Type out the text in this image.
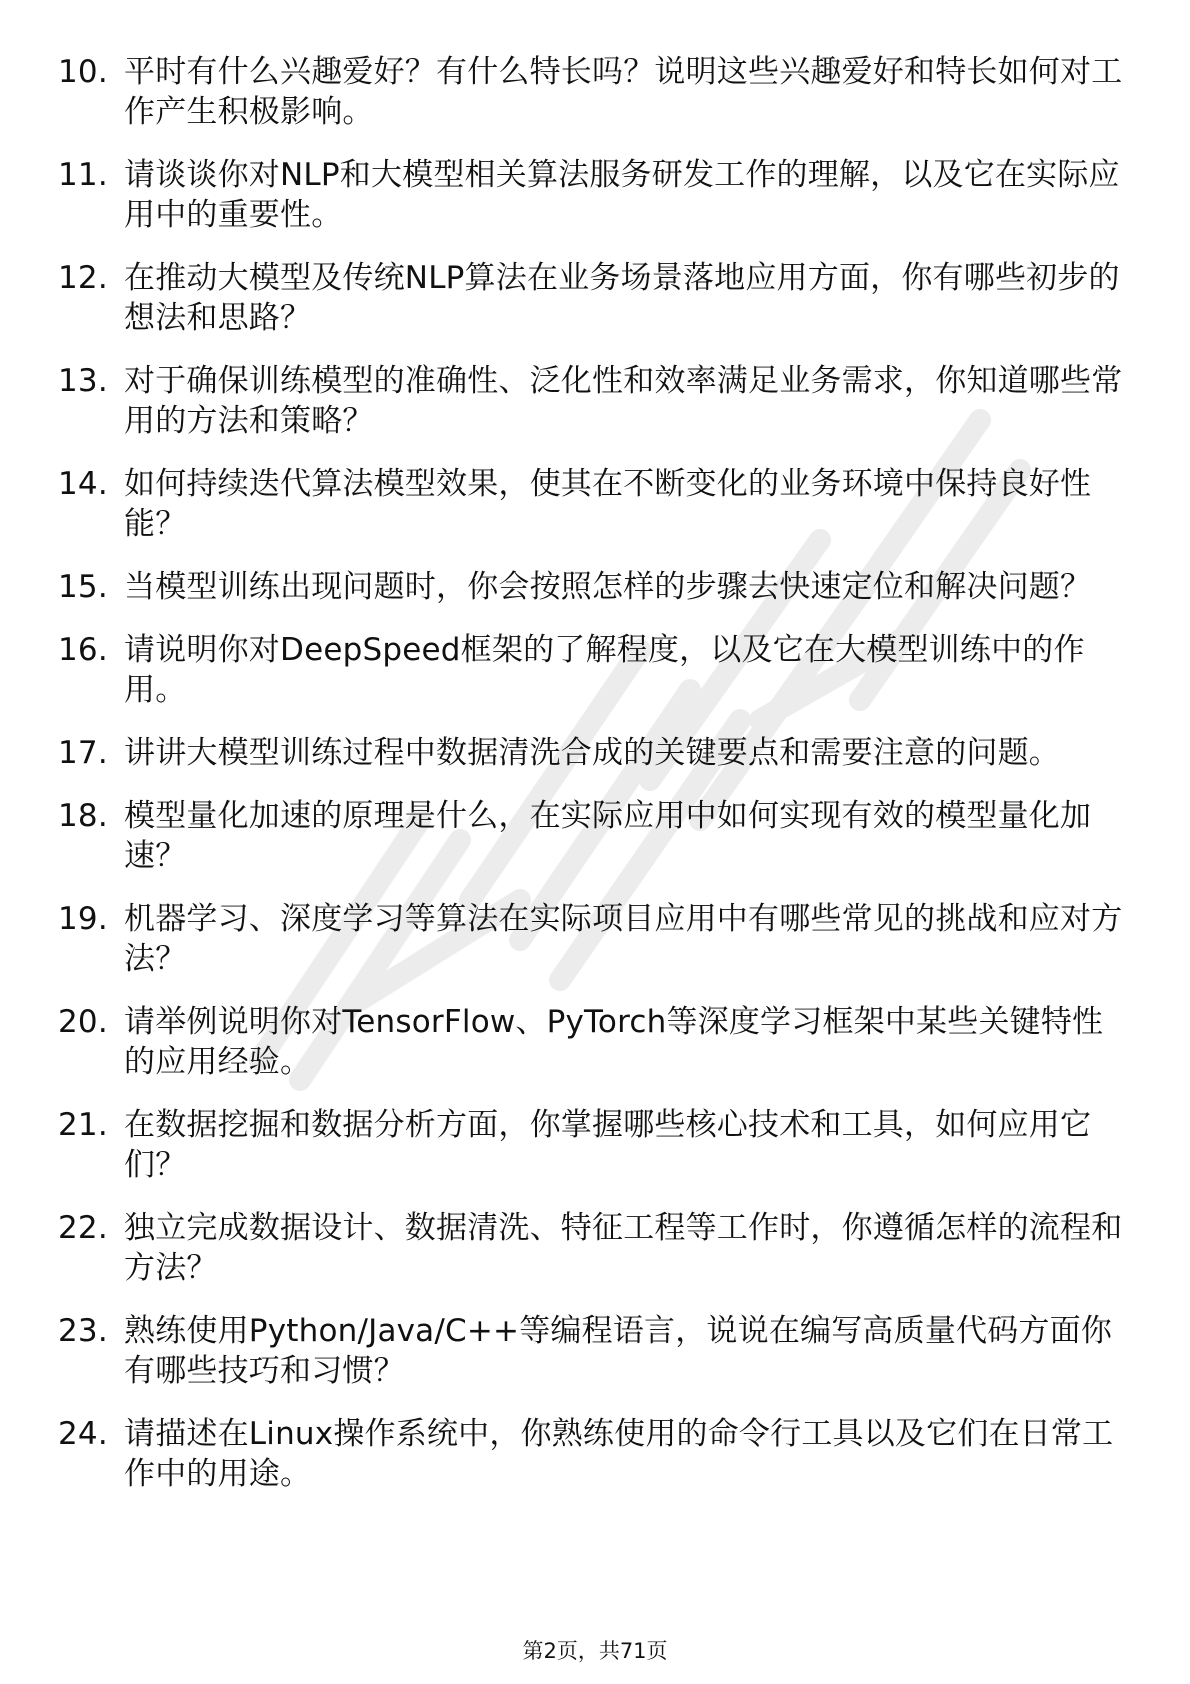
10. 平时有什么兴趣爱好？有什么特长吗？说明这些兴趣爱好和特长如何对工作产生积极影响。
11. 请谈谈你对NLP和大模型相关算法服务研发工作的理解，以及它在实际应用中的重要性。
12. 在推动大模型及传统NLP算法在业务场景落地应用方面，你有哪些初步的想法和思路？
13. 对于确保训练模型的准确性、泛化性和效率满足业务需求，你知道哪些常用的方法和策略？
14. 如何持续迭代算法模型效果，使其在不断变化的业务环境中保持良好性能？
15. 当模型训练出现问题时，你会按照怎样的步骤去快速定位和解决问题？
16. 请说明你对DeepSpeed框架的了解程度，以及它在大模型训练中的作用。
17. 讲讲大模型训练过程中数据清洗合成的关键要点和需要注意的问题。
18. 模型量化加速的原理是什么，在实际应用中如何实现有效的模型量化加速？
19. 机器学习、深度学习等算法在实际项目应用中有哪些常见的挑战和应对方法？
20. 请举例说明你对TensorFlow、PyTorch等深度学习框架中某些关键特性的应用经验。
21. 在数据挖掘和数据分析方面，你掌握哪些核心技术和工具，如何应用它们？
22. 独立完成数据设计、数据清洗、特征工程等工作时，你遵循怎样的流程和方法？
23. 熟练使用Python/Java/C++等编程语言，说说在编写高质量代码方面你有哪些技巧和习惯？
24. 请描述在Linux操作系统中，你熟练使用的命令行工具以及它们在日常工作中的用途。
第2页，共71页
